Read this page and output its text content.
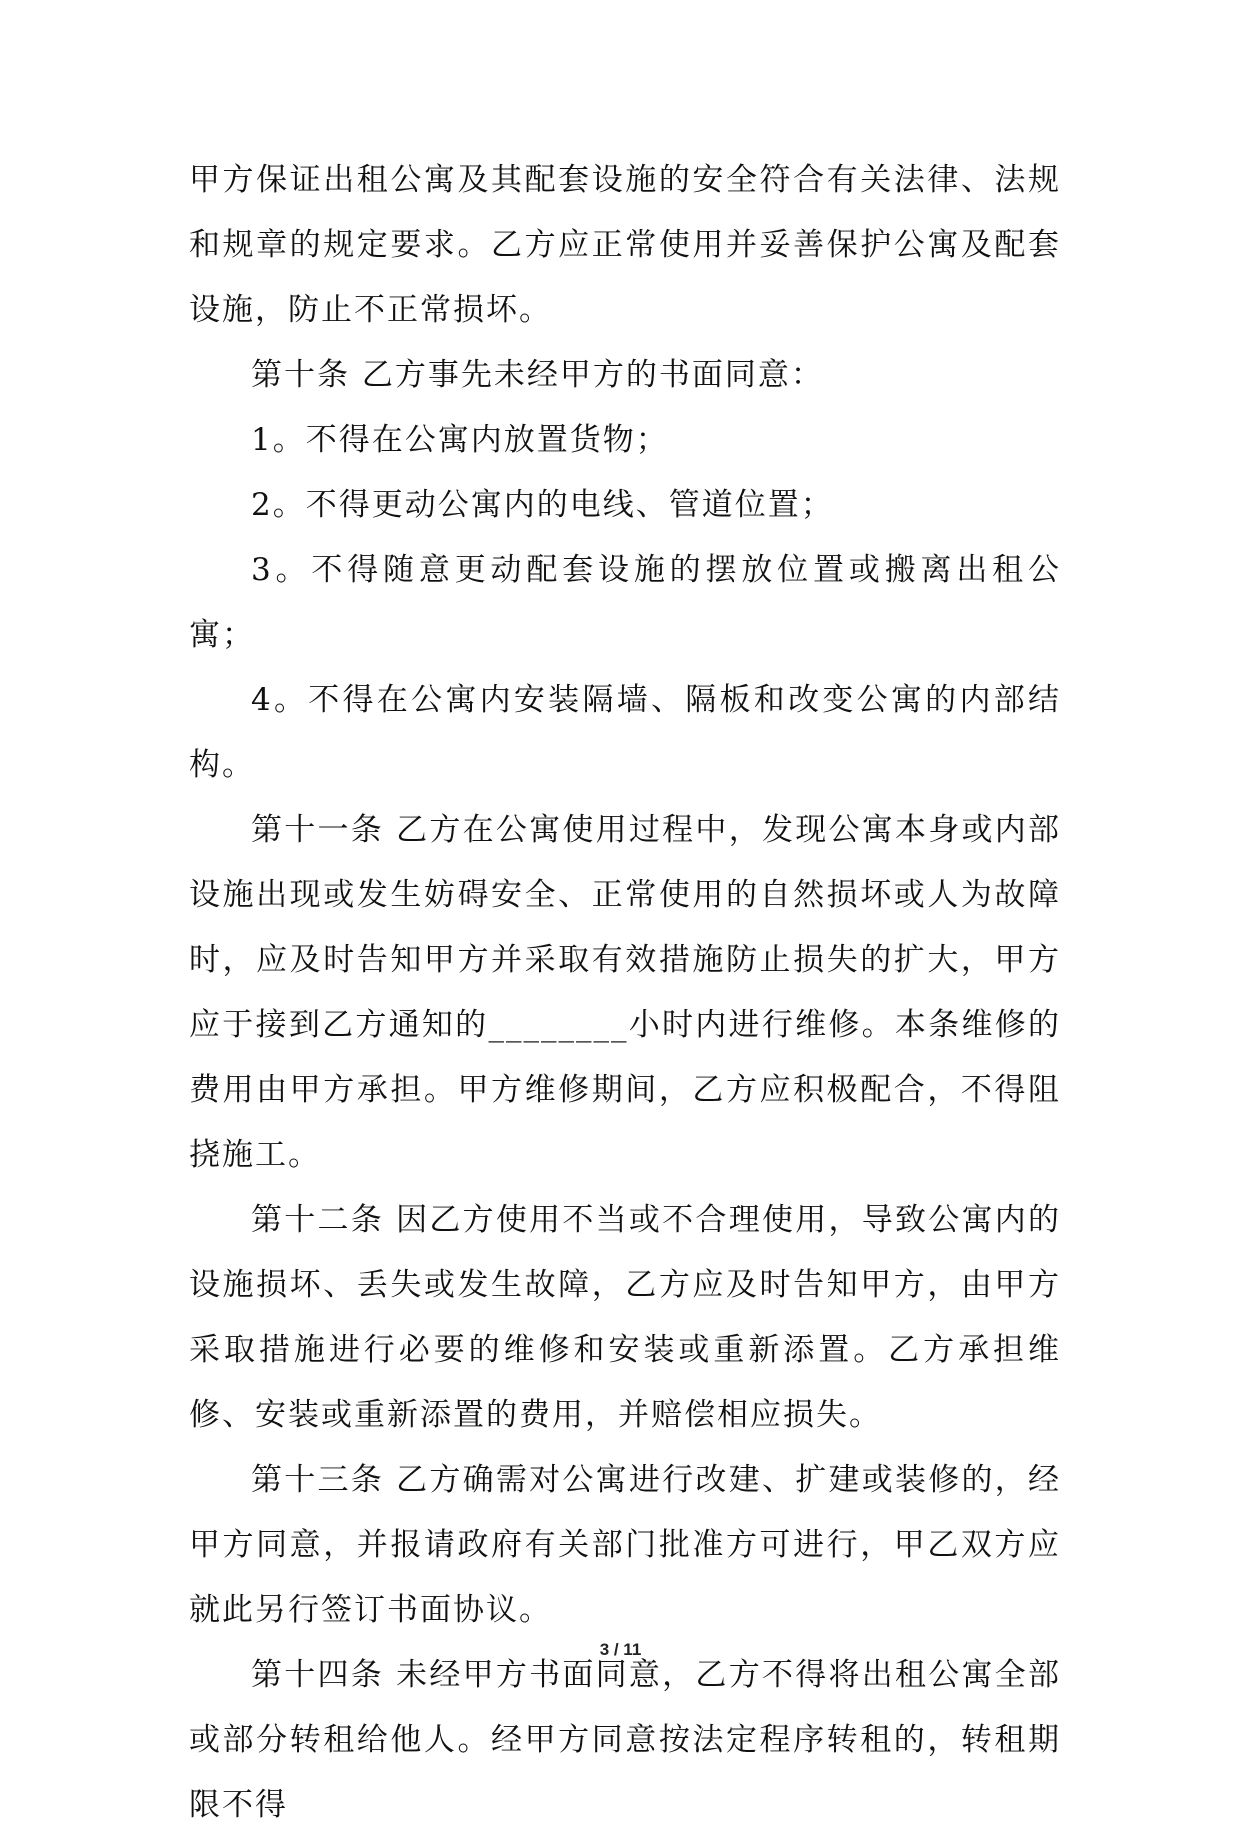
甲方保证出租公寓及其配套设施的安全符合有关法律、法规和规章的规定要求。乙方应正常使用并妥善保护公寓及配套设施，防止不正常损坏。

第十条 乙方事先未经甲方的书面同意：

1。不得在公寓内放置货物；

2。不得更动公寓内的电线、管道位置；

3。不得随意更动配套设施的摆放位置或搬离出租公寓；

4。不得在公寓内安装隔墙、隔板和改变公寓的内部结构。

第十一条 乙方在公寓使用过程中，发现公寓本身或内部设施出现或发生妨碍安全、正常使用的自然损坏或人为故障时，应及时告知甲方并采取有效措施防止损失的扩大，甲方应于接到乙方通知的________小时内进行维修。本条维修的费用由甲方承担。甲方维修期间，乙方应积极配合，不得阻挠施工。

第十二条 因乙方使用不当或不合理使用，导致公寓内的设施损坏、丢失或发生故障，乙方应及时告知甲方，由甲方采取措施进行必要的维修和安装或重新添置。乙方承担维修、安装或重新添置的费用，并赔偿相应损失。

第十三条 乙方确需对公寓进行改建、扩建或装修的，经甲方同意，并报请政府有关部门批准方可进行，甲乙双方应就此另行签订书面协议。

第十四条 未经甲方书面同意，乙方不得将出租公寓全部或部分转租给他人。经甲方同意按法定程序转租的，转租期限不得

3 / 11
